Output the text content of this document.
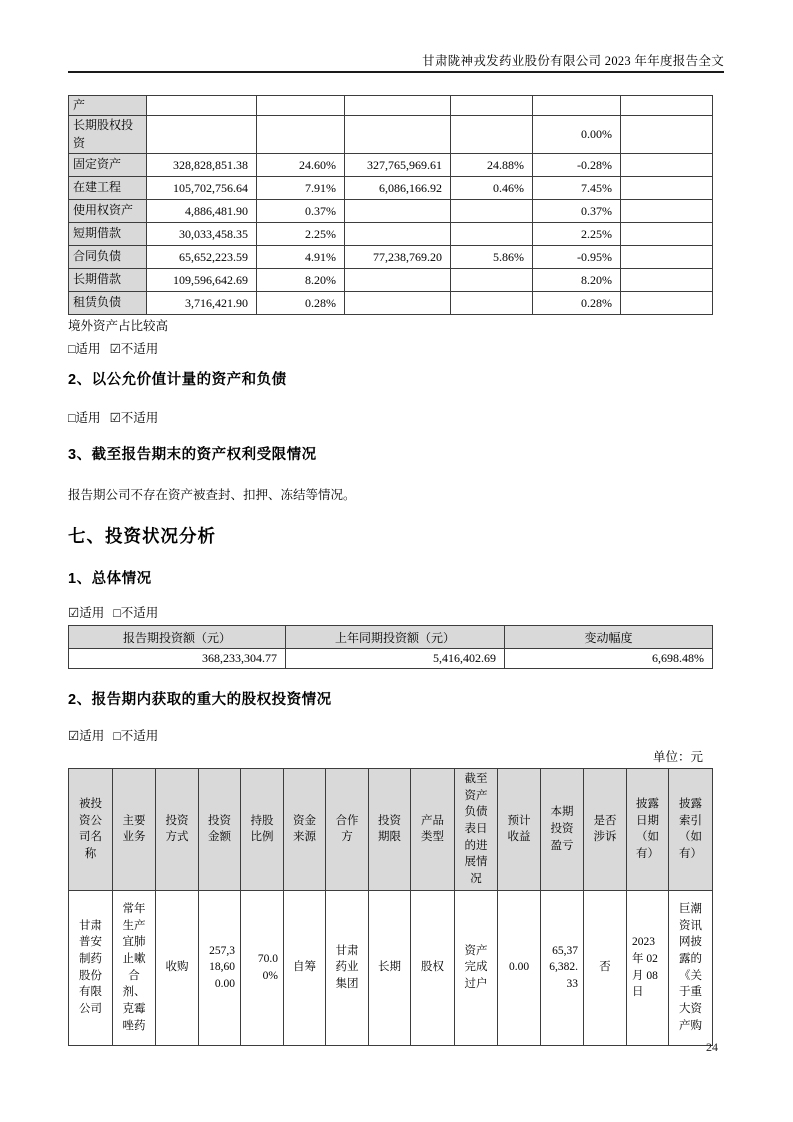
甘肃陇神戎发药业股份有限公司 2023 年年度报告全文
产						
长期股权投资					0.00%	
固定资产	328,828,851.38	24.60%	327,765,969.61	24.88%	-0.28%	
在建工程	105,702,756.64	7.91%	6,086,166.92	0.46%	7.45%	
使用权资产	4,886,481.90	0.37%			0.37%	
短期借款	30,033,458.35	2.25%			2.25%	
合同负债	65,652,223.59	4.91%	77,238,769.20	5.86%	-0.95%	
长期借款	109,596,642.69	8.20%			8.20%	
租赁负债	3,716,421.90	0.28%			0.28%	
境外资产占比较高
□适用 ☑不适用
2、以公允价值计量的资产和负债
□适用 ☑不适用
3、截至报告期末的资产权利受限情况
报告期公司不存在资产被查封、扣押、冻结等情况。
七、投资状况分析
1、总体情况
☑适用 □不适用
报告期投资额（元）	上年同期投资额（元）	变动幅度
368,233,304.77	5,416,402.69	6,698.48%
2、报告期内获取的重大的股权投资情况
☑适用 □不适用
单位：元
被投资公司名称	主要业务	投资方式	投资金额	持股比例	资金来源	合作方	投资期限	产品类型	截至资产负债表日的进展情况	预计收益	本期投资盈亏	是否涉诉	披露日期（如有）	披露索引（如有）
甘肃普安制药股份有限公司	常年生产宜肺止嗽合剂、克霉唑药	收购	257,318,600.00	70.00%	自筹	甘肃药业集团	长期	股权	资产完成过户	0.00	65,376,382.33	否	2023 年 02 月 08 日	巨潮资讯网披露的《关于重大资产购
24
